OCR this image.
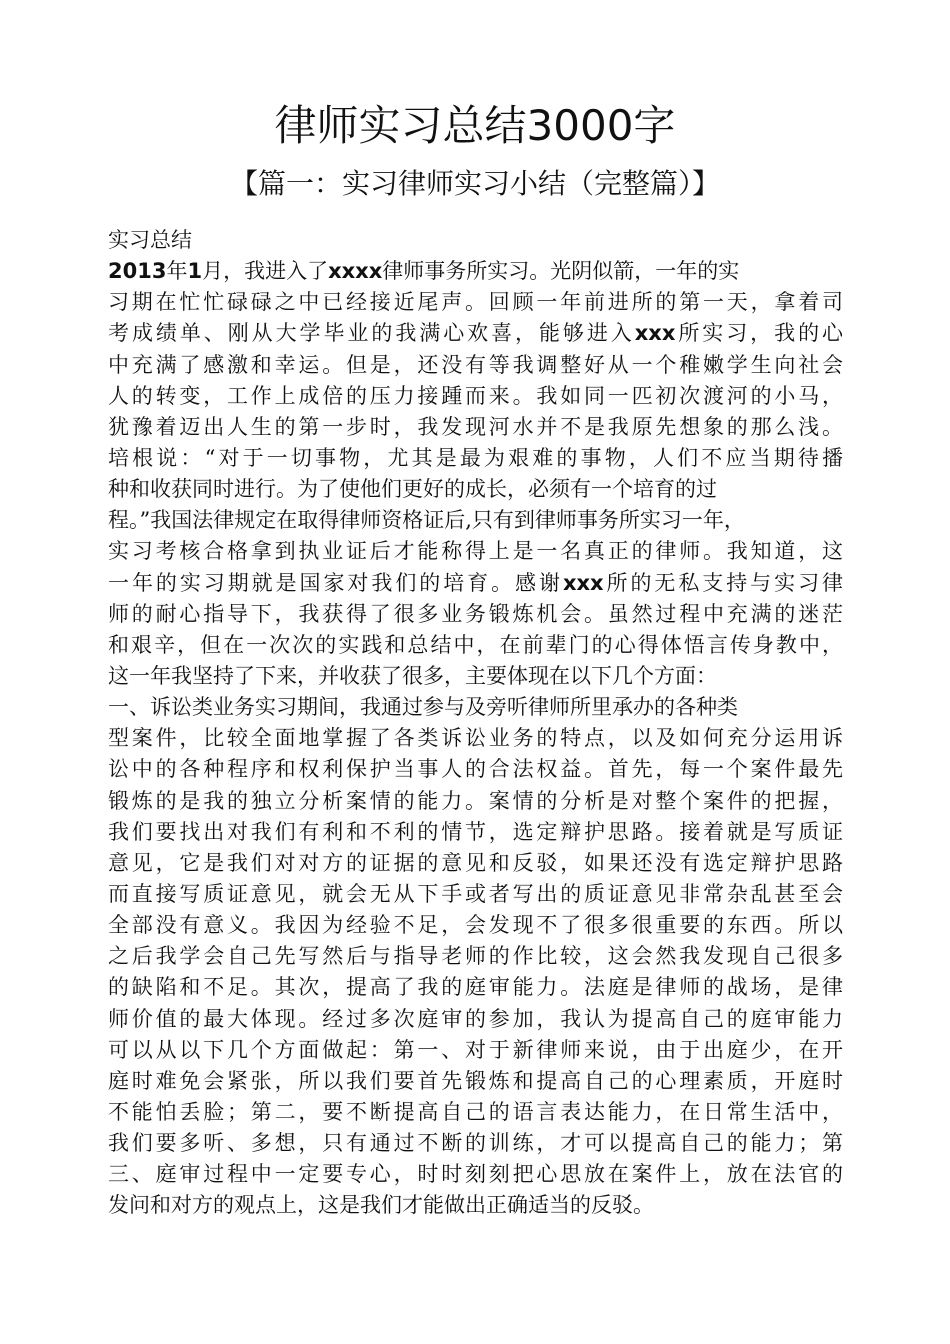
律师实习总结3000字
【篇一：实习律师实习小结（完整篇）】
实习总结
2013年1月，我进入了xxxx律师事务所实习。光阴似箭，一年的实
习期在忙忙碌碌之中已经接近尾声。回顾一年前进所的第一天，拿着司
考成绩单、刚从大学毕业的我满心欢喜，能够进入xxx所实习，我的心
中充满了感激和幸运。但是，还没有等我调整好从一个稚嫩学生向社会
人的转变，工作上成倍的压力接踵而来。我如同一匹初次渡河的小马，
犹豫着迈出人生的第一步时，我发现河水并不是我原先想象的那么浅。
培根说：“对于一切事物，尤其是最为艰难的事物，人们不应当期待播
种和收获同时进行。为了使他们更好的成长，必须有一个培育的过
程。”我国法律规定在取得律师资格证后,只有到律师事务所实习一年，
实习考核合格拿到执业证后才能称得上是一名真正的律师。我知道，这
一年的实习期就是国家对我们的培育。感谢xxx所的无私支持与实习律
师的耐心指导下，我获得了很多业务锻炼机会。虽然过程中充满的迷茫
和艰辛，但在一次次的实践和总结中，在前辈门的心得体悟言传身教中，
这一年我坚持了下来，并收获了很多，主要体现在以下几个方面：
一、诉讼类业务实习期间，我通过参与及旁听律师所里承办的各种类
型案件，比较全面地掌握了各类诉讼业务的特点，以及如何充分运用诉
讼中的各种程序和权利保护当事人的合法权益。首先，每一个案件最先
锻炼的是我的独立分析案情的能力。案情的分析是对整个案件的把握，
我们要找出对我们有利和不利的情节，选定辩护思路。接着就是写质证
意见，它是我们对对方的证据的意见和反驳，如果还没有选定辩护思路
而直接写质证意见，就会无从下手或者写出的质证意见非常杂乱甚至会
全部没有意义。我因为经验不足，会发现不了很多很重要的东西。所以
之后我学会自己先写然后与指导老师的作比较，这会然我发现自己很多
的缺陷和不足。其次，提高了我的庭审能力。法庭是律师的战场，是律
师价值的最大体现。经过多次庭审的参加，我认为提高自己的庭审能力
可以从以下几个方面做起：第一、对于新律师来说，由于出庭少，在开
庭时难免会紧张，所以我们要首先锻炼和提高自己的心理素质，开庭时
不能怕丢脸；第二，要不断提高自己的语言表达能力，在日常生活中，
我们要多听、多想，只有通过不断的训练，才可以提高自己的能力；第
三、庭审过程中一定要专心，时时刻刻把心思放在案件上，放在法官的
发问和对方的观点上，这是我们才能做出正确适当的反驳。
